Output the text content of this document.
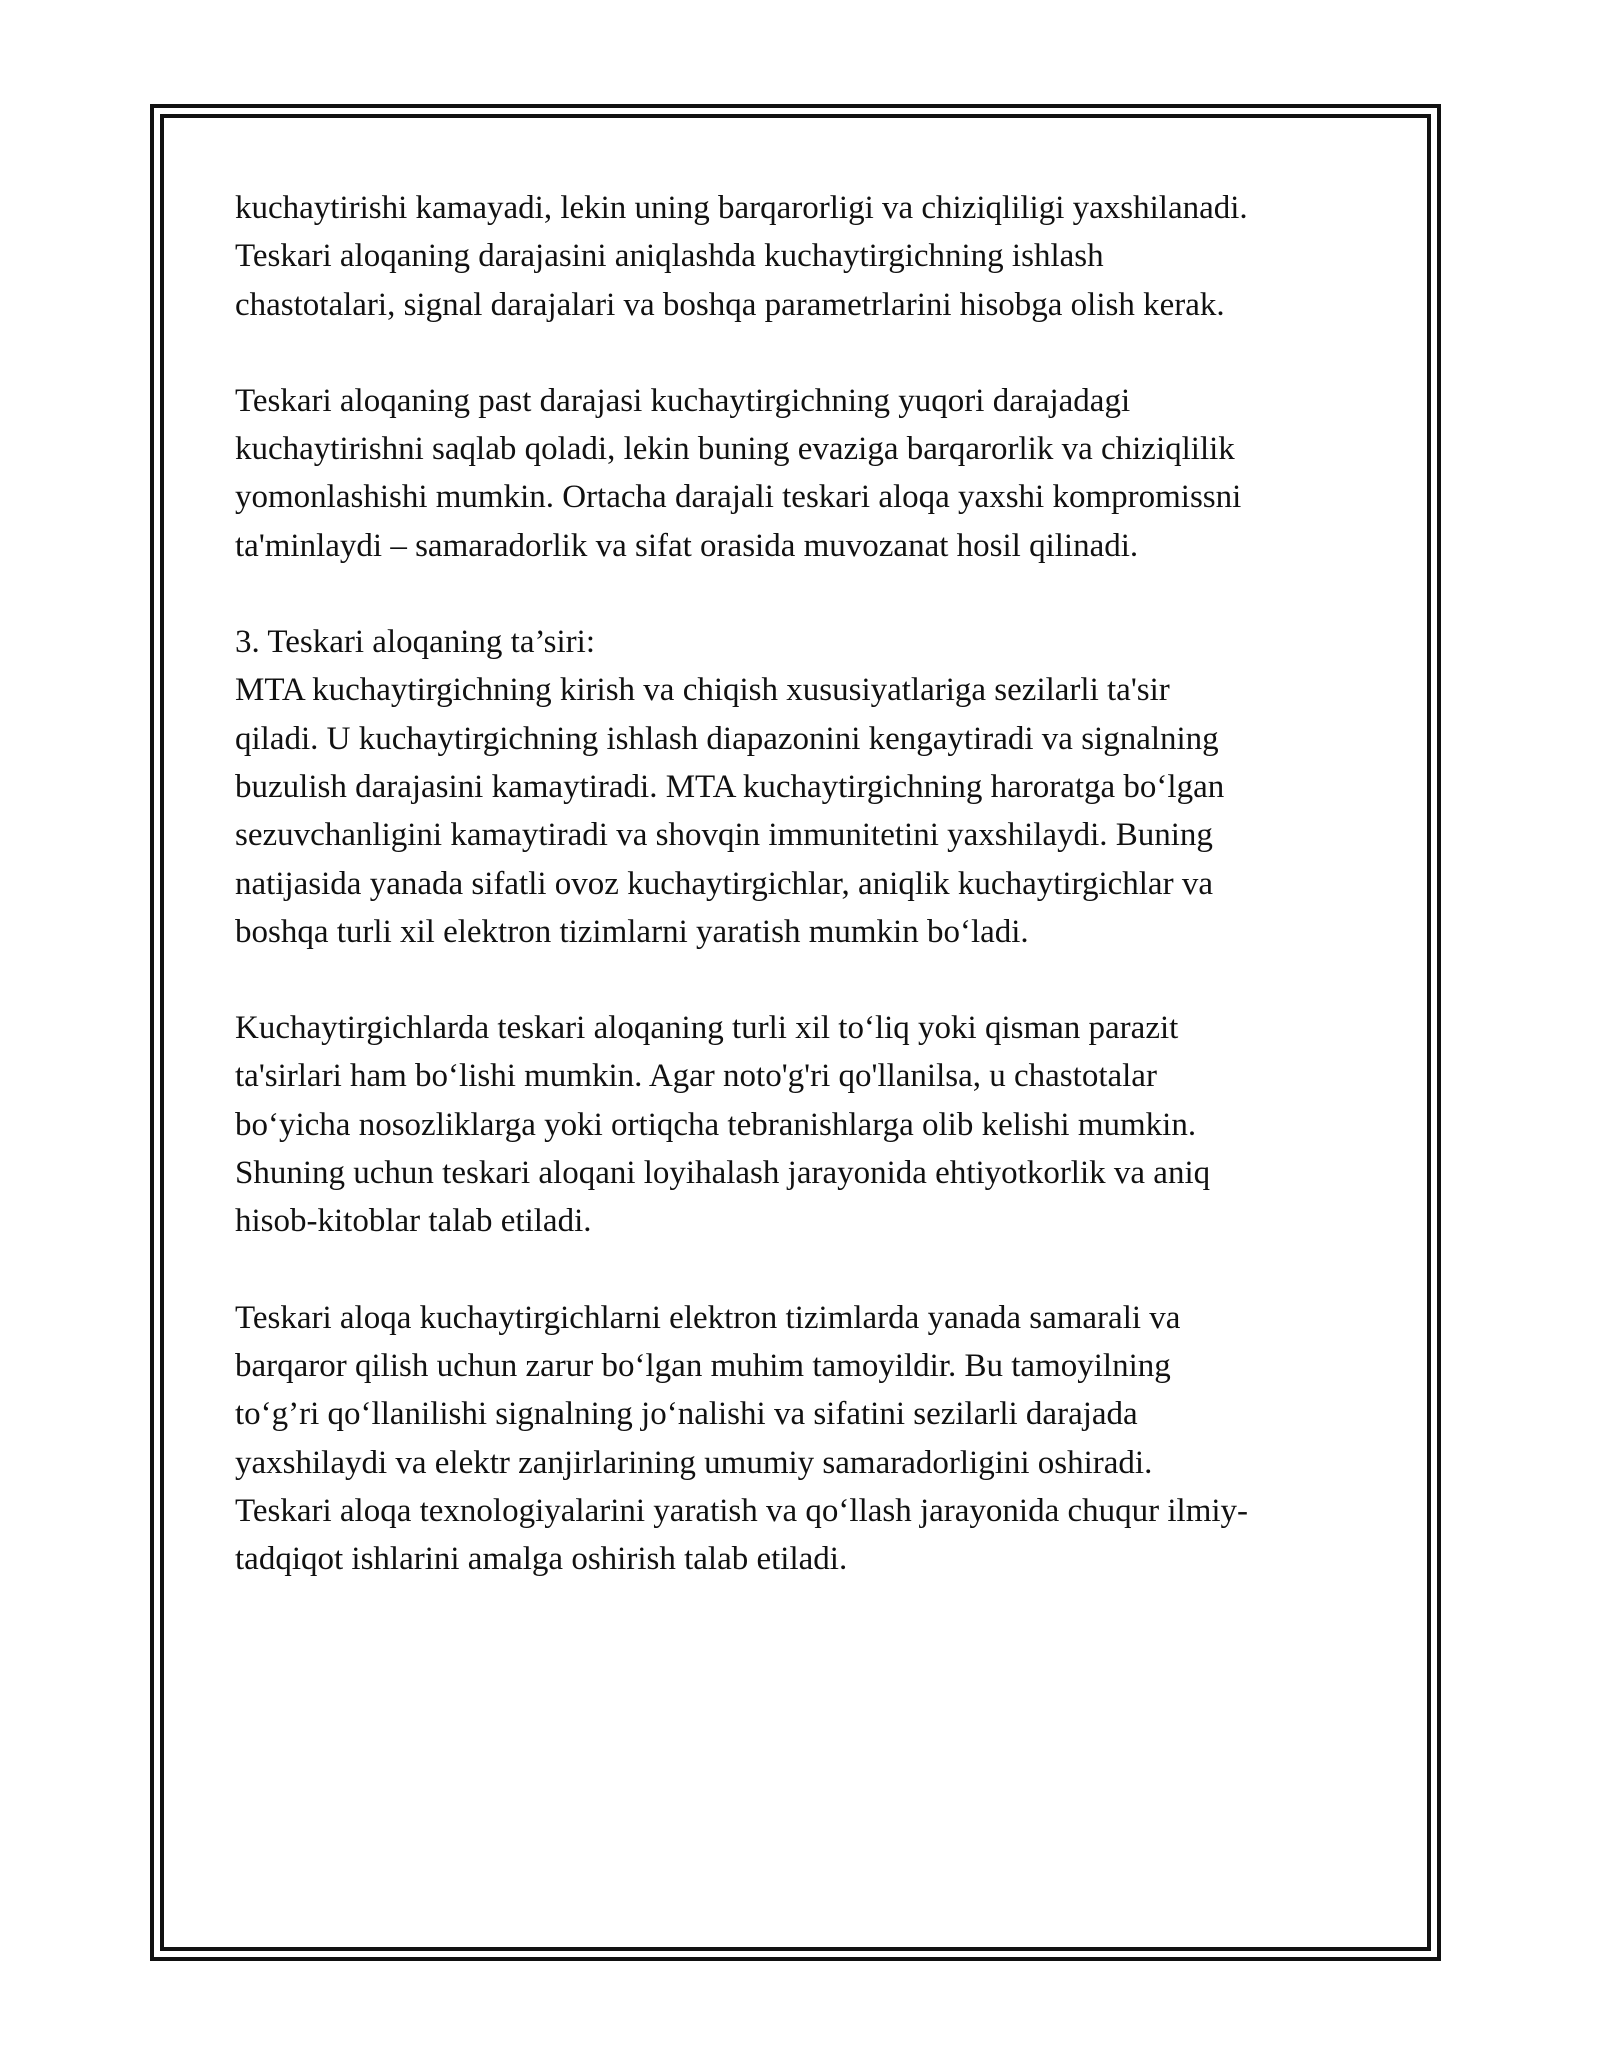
kuchaytirishi kamayadi, lekin uning barqarorligi va chiziqliligi yaxshilanadi.
Teskari aloqaning darajasini aniqlashda kuchaytirgichning ishlash
chastotalari, signal darajalari va boshqa parametrlarini hisobga olish kerak.

Teskari aloqaning past darajasi kuchaytirgichning yuqori darajadagi
kuchaytirishni saqlab qoladi, lekin buning evaziga barqarorlik va chiziqlilik
yomonlashishi mumkin. Ortacha darajali teskari aloqa yaxshi kompromissni
ta'minlaydi – samaradorlik va sifat orasida muvozanat hosil qilinadi.

3. Teskari aloqaning ta’siri:
MTA kuchaytirgichning kirish va chiqish xususiyatlariga sezilarli ta'sir
qiladi. U kuchaytirgichning ishlash diapazonini kengaytiradi va signalning
buzulish darajasini kamaytiradi. MTA kuchaytirgichning haroratga bo‘lgan
sezuvchanligini kamaytiradi va shovqin immunitetini yaxshilaydi. Buning
natijasida yanada sifatli ovoz kuchaytirgichlar, aniqlik kuchaytirgichlar va
boshqa turli xil elektron tizimlarni yaratish mumkin bo‘ladi.

Kuchaytirgichlarda teskari aloqaning turli xil to‘liq yoki qisman parazit
ta'sirlari ham bo‘lishi mumkin. Agar noto'g'ri qo'llanilsa, u chastotalar
bo‘yicha nosozliklarga yoki ortiqcha tebranishlarga olib kelishi mumkin.
Shuning uchun teskari aloqani loyihalash jarayonida ehtiyotkorlik va aniq
hisob-kitoblar talab etiladi.

Teskari aloqa kuchaytirgichlarni elektron tizimlarda yanada samarali va
barqaror qilish uchun zarur bo‘lgan muhim tamoyildir. Bu tamoyilning
to‘g’ri qo‘llanilishi signalning jo‘nalishi va sifatini sezilarli darajada
yaxshilaydi va elektr zanjirlarining umumiy samaradorligini oshiradi.
Teskari aloqa texnologiyalarini yaratish va qo‘llash jarayonida chuqur ilmiy-
tadqiqot ishlarini amalga oshirish talab etiladi.
